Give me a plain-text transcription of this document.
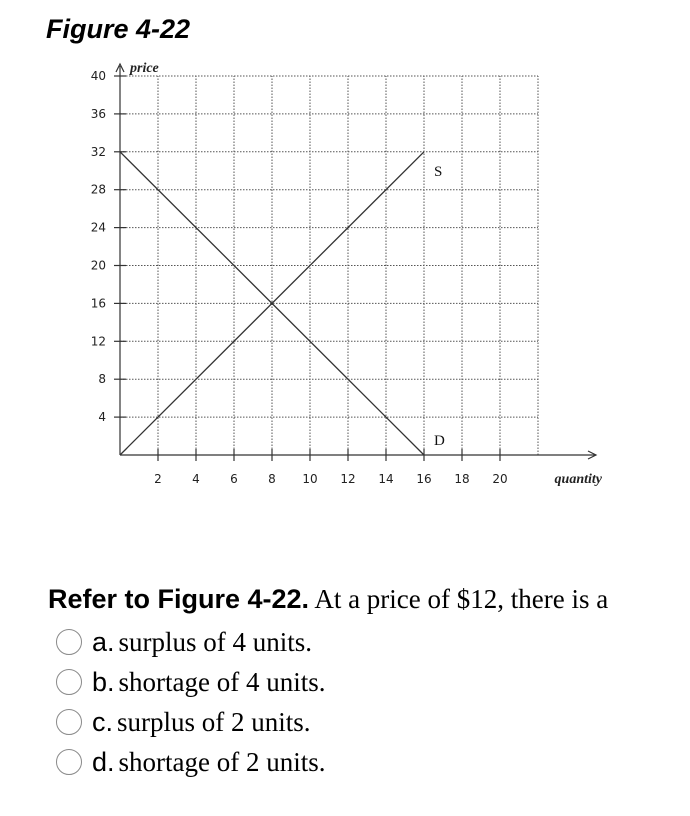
Figure 4-22
2	4	6	8 10 12 14 16 18 20
4
8
12
16
20
24
28
32
36
40
S
D
price
quantity
Refer to Figure 4-22. At a price of $12, there is a
a. surplus of 4 units.
b. shortage of 4 units.
c. surplus of 2 units.
d. shortage of 2 units.
